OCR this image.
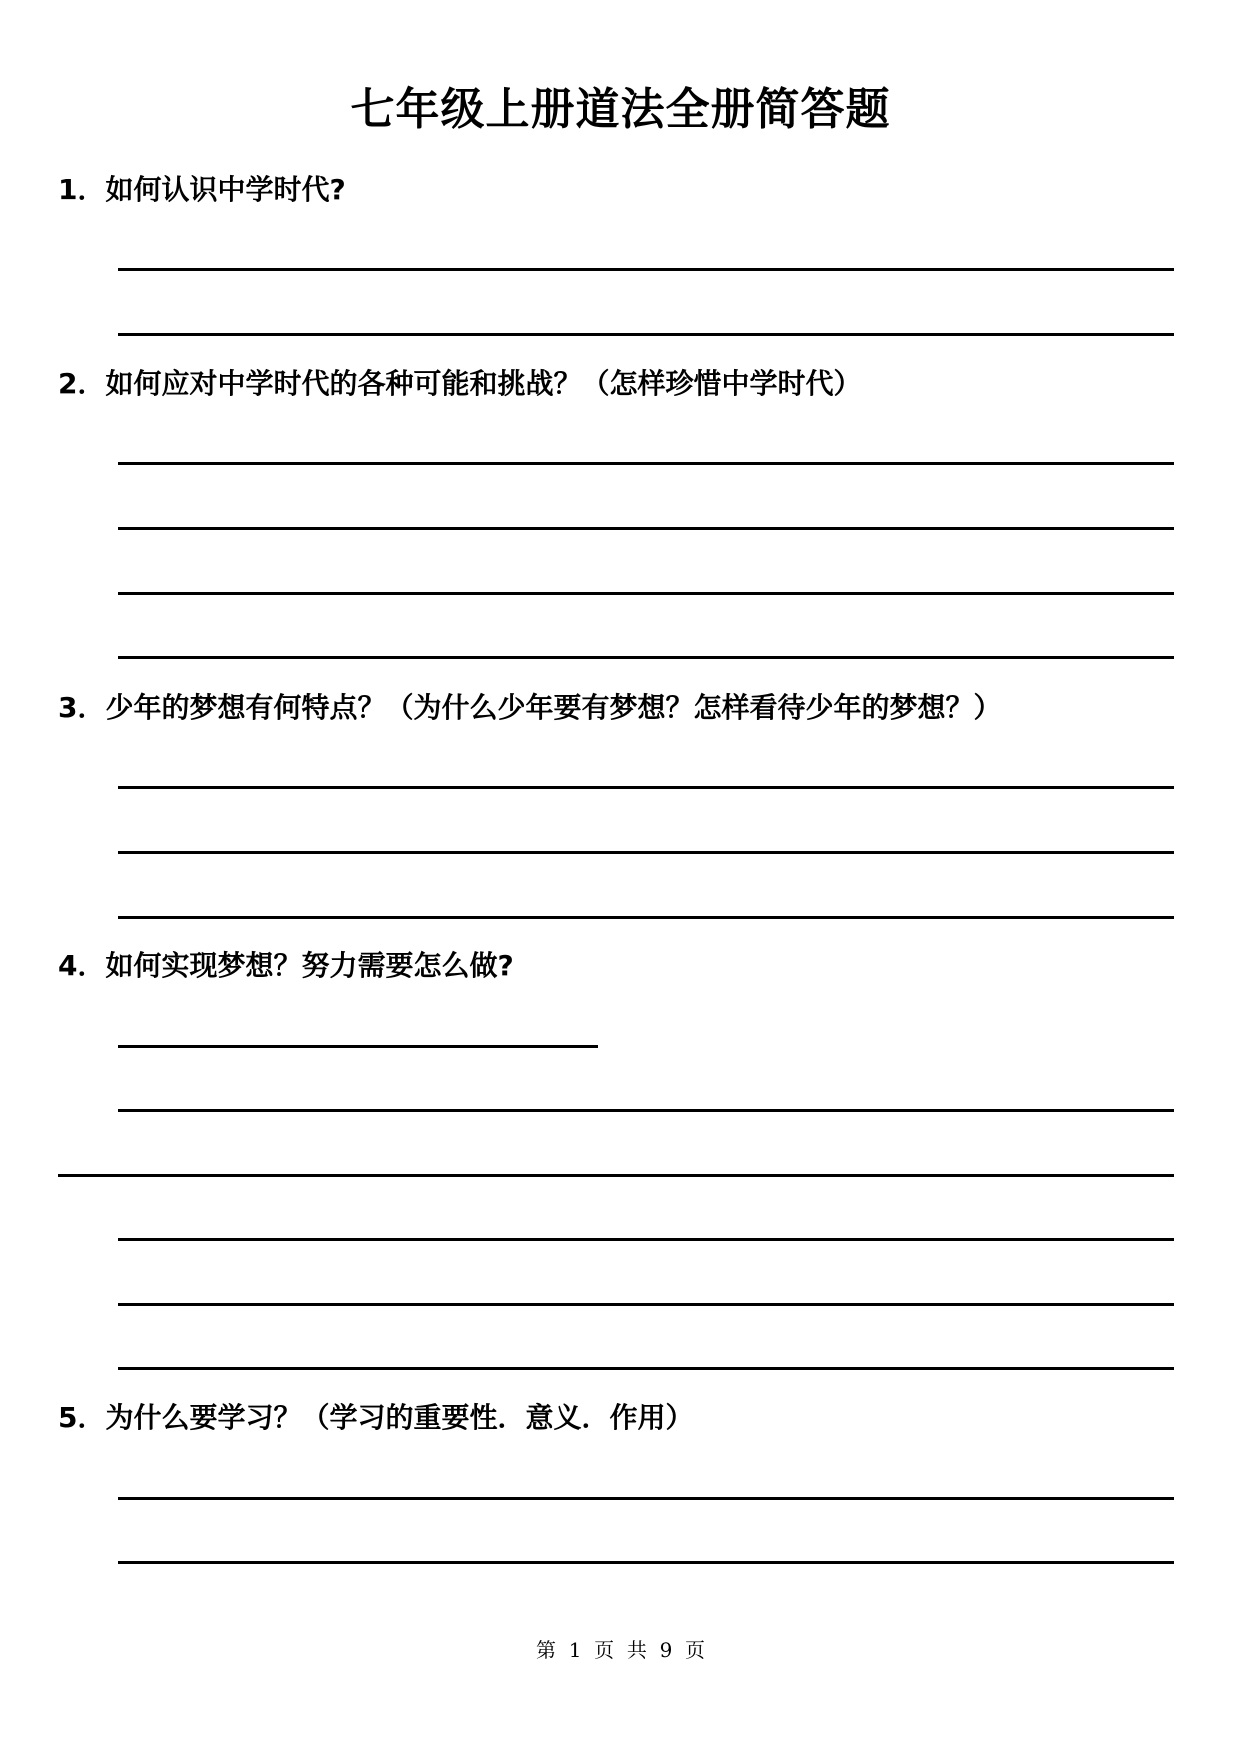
七年级上册道法全册简答题
1．如何认识中学时代?
2．如何应对中学时代的各种可能和挑战？（怎样珍惜中学时代）
3．少年的梦想有何特点？（为什么少年要有梦想？怎样看待少年的梦想？）
4．如何实现梦想？努力需要怎么做?
5．为什么要学习？（学习的重要性．意义．作用）
第 1 页 共 9 页
